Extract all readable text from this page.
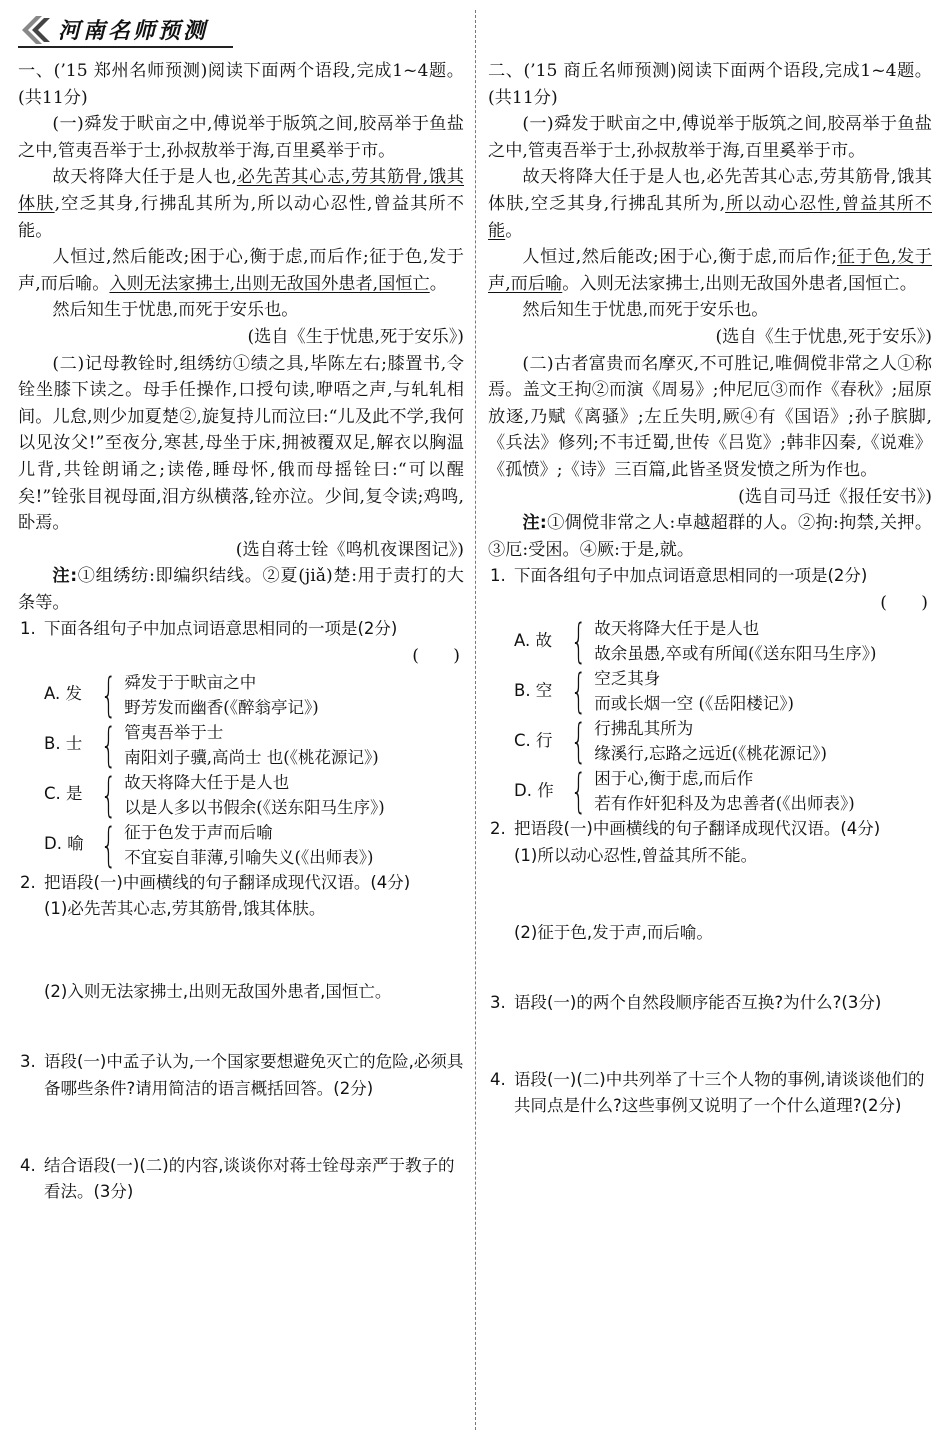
河南名师预测

一、(’15 郑州名师预测)阅读下面两个语段,完成1~4题。(共11分)

(一)舜发于畎亩之中,傅说举于版筑之间,胶鬲举于鱼盐之中,管夷吾举于士,孙叔敖举于海,百里奚举于市。

故天将降大任于是人也,必先苦其心志,劳其筋骨,饿其体肤,空乏其身,行拂乱其所为,所以动心忍性,曾益其所不能。

人恒过,然后能改;困于心,衡于虑,而后作;征于色,发于声,而后喻。入则无法家拂士,出则无敌国外患者,国恒亡。

然后知生于忧患,而死于安乐也。

(选自《生于忧患,死于安乐》)

(二)记母教铨时,组绣纺①绩之具,毕陈左右;膝置书,令铨坐膝下读之。母手任操作,口授句读,咿唔之声,与轧轧相间。儿怠,则少加夏楚②,旋复持儿而泣曰:“儿及此不学,我何以见汝父!”至夜分,寒甚,母坐于床,拥被覆双足,解衣以胸温儿背,共铨朗诵之;读倦,睡母怀,俄而母摇铨曰:“可以醒矣!”铨张目视母面,泪方纵横落,铨亦泣。少间,复令读;鸡鸣,卧焉。

(选自蒋士铨《鸣机夜课图记》)

注:①组绣纺:即编织结线。②夏(jiǎ)楚:用于责打的大条等。

1. 下面各组句子中加点词语意思相同的一项是(2分)
(　　)
A. 发 { 舜发于于畎亩之中
野芳发而幽香(《醉翁亭记》)
B. 士 { 管夷吾举于士
南阳刘子骥,高尚士 也(《桃花源记》)
C. 是 { 故天将降大任于是人也
以是人多以书假余(《送东阳马生序》)
D. 喻 { 征于色发于声而后喻
不宜妄自菲薄,引喻失义(《出师表》)
2. 把语段(一)中画横线的句子翻译成现代汉语。(4分)
(1)必先苦其心志,劳其筋骨,饿其体肤。
(2)入则无法家拂士,出则无敌国外患者,国恒亡。
3. 语段(一)中孟子认为,一个国家要想避免灭亡的危险,必须具备哪些条件?请用简洁的语言概括回答。(2分)
4. 结合语段(一)(二)的内容,谈谈你对蒋士铨母亲严于教子的看法。(3分)

二、(’15 商丘名师预测)阅读下面两个语段,完成1~4题。(共11分)

(一)舜发于畎亩之中,傅说举于版筑之间,胶鬲举于鱼盐之中,管夷吾举于士,孙叔敖举于海,百里奚举于市。

故天将降大任于是人也,必先苦其心志,劳其筋骨,饿其体肤,空乏其身,行拂乱其所为,所以动心忍性,曾益其所不能。

人恒过,然后能改;困于心,衡于虑,而后作;征于色,发于声,而后喻。入则无法家拂士,出则无敌国外患者,国恒亡。

然后知生于忧患,而死于安乐也。

(选自《生于忧患,死于安乐》)

(二)古者富贵而名摩灭,不可胜记,唯倜傥非常之人①称焉。盖文王拘②而演《周易》;仲尼厄③而作《春秋》;屈原放逐,乃赋《离骚》;左丘失明,厥④有《国语》;孙子膑脚,《兵法》修列;不韦迁蜀,世传《吕览》;韩非囚秦,《说难》《孤愤》;《诗》三百篇,此皆圣贤发愤之所为作也。

(选自司马迁《报任安书》)

注:①倜傥非常之人:卓越超群的人。②拘:拘禁,关押。③厄:受困。④厥:于是,就。

1. 下面各组句子中加点词语意思相同的一项是(2分)
(　　)
A. 故 { 故天将降大任于是人也
故余虽愚,卒或有所闻(《送东阳马生序》)
B. 空 { 空乏其身
而或长烟一空 (《岳阳楼记》)
C. 行 { 行拂乱其所为
缘溪行,忘路之远近(《桃花源记》)
D. 作 { 困于心,衡于虑,而后作
若有作奸犯科及为忠善者(《出师表》)
2. 把语段(一)中画横线的句子翻译成现代汉语。(4分)
(1)所以动心忍性,曾益其所不能。
(2)征于色,发于声,而后喻。
3. 语段(一)的两个自然段顺序能否互换?为什么?(3分)
4. 语段(一)(二)中共列举了十三个人物的事例,请谈谈他们的共同点是什么?这些事例又说明了一个什么道理?(2分)
